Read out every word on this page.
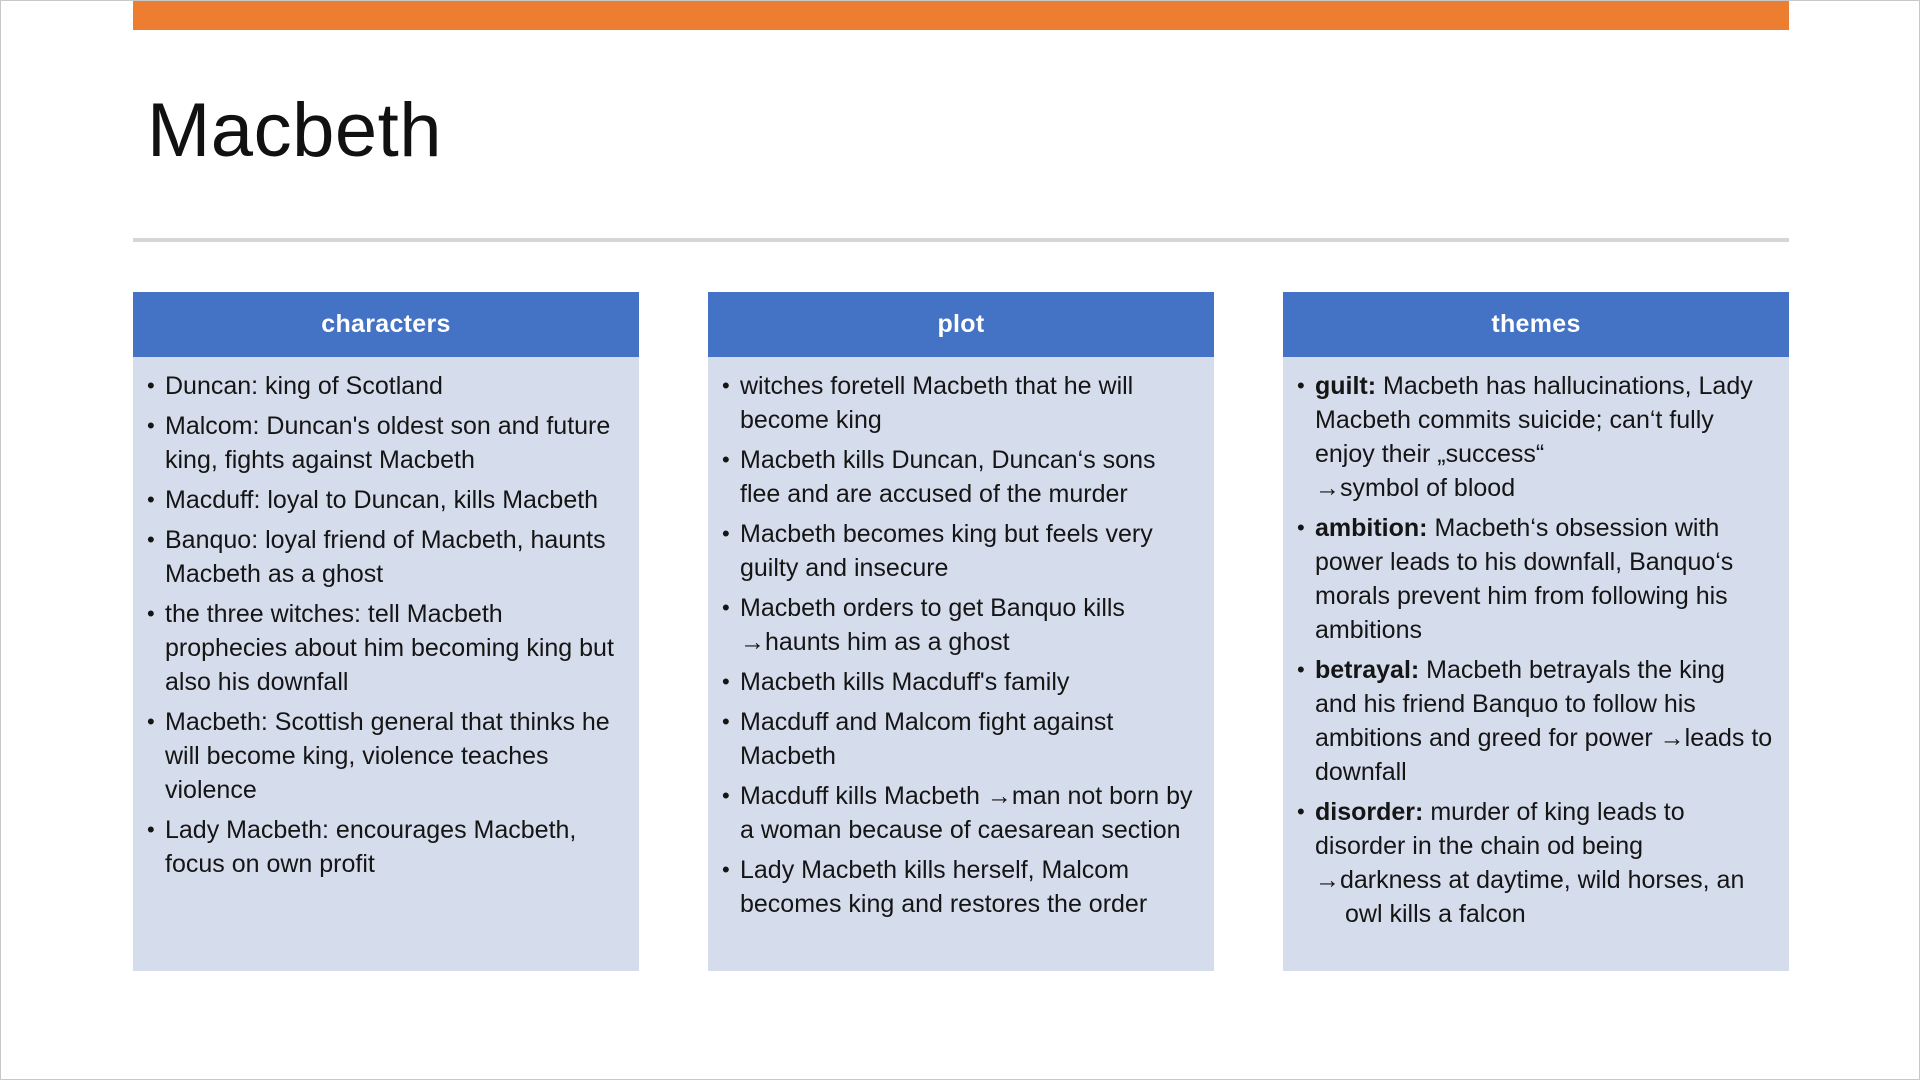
Macbeth
characters
• Duncan: king of Scotland
• Malcom: Duncan's oldest son and future king, fights against Macbeth
• Macduff: loyal to Duncan, kills Macbeth
• Banquo: loyal friend of Macbeth, haunts Macbeth as a ghost
• the three witches: tell Macbeth prophecies about him becoming king but also his downfall
• Macbeth: Scottish general that thinks he will become king, violence teaches violence
• Lady Macbeth: encourages Macbeth, focus on own profit
plot
• witches foretell Macbeth that he will become king
• Macbeth kills Duncan, Duncan‘s sons flee and are accused of the murder
• Macbeth becomes king but feels very guilty and insecure
• Macbeth orders to get Banquo kills
→haunts him as a ghost
• Macbeth kills Macduff's family
• Macduff and Malcom fight against Macbeth
• Macduff kills Macbeth →man not born by a woman because of caesarean section
• Lady Macbeth kills herself, Malcom becomes king and restores the order
themes
• guilt: Macbeth has hallucinations, Lady Macbeth commits suicide; can‘t fully enjoy their „success“
→symbol of blood
• ambition: Macbeth‘s obsession with power leads to his downfall, Banquo‘s morals prevent him from following his ambitions
• betrayal: Macbeth betrayals the king and his friend Banquo to follow his ambitions and greed for power →leads to downfall
• disorder: murder of king leads to disorder in the chain od being
→darkness at daytime, wild horses, an
owl kills a falcon
